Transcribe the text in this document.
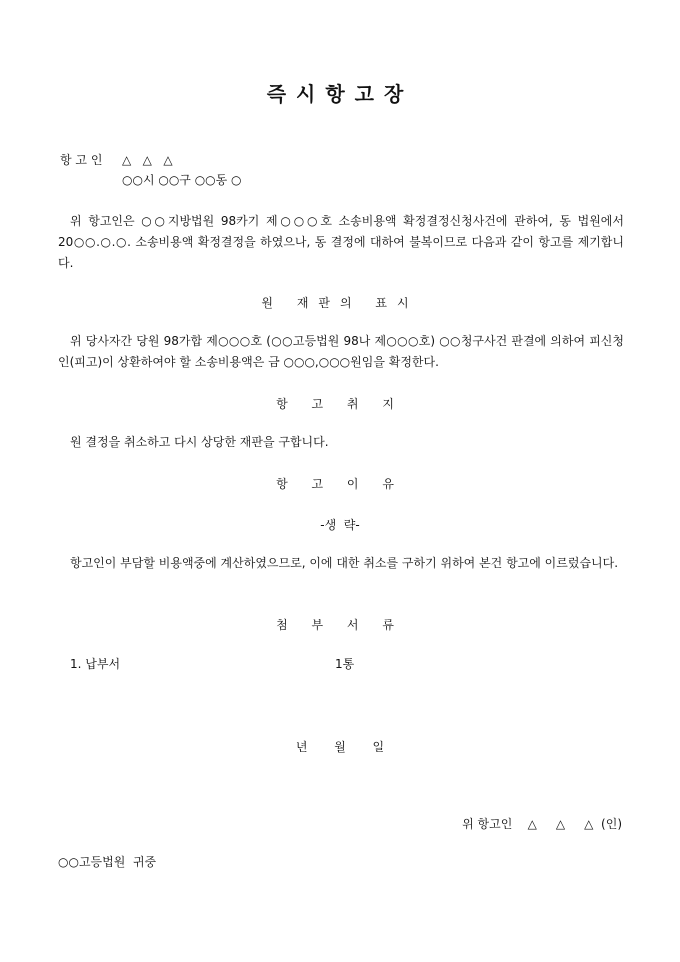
즉시항고장
항 고 인 △   △   △
○○시 ○○구 ○○동 ○
위 항고인은 ○○지방법원 98카기 제○○○호 소송비용액 확정결정신청사건에 관하여, 동 법원에서 20○○.○.○. 소송비용액 확정결정을 하였으나, 동 결정에 대하여 불복이므로 다음과 같이 항고를 제기합니다.
원 재판의 표시
위 당사자간 당원 98가합 제○○○호 (○○고등법원 98나 제○○○호) ○○청구사건 판결에 의하여 피신청인(피고)이 상환하여야 할 소송비용액은 금 ○○○,○○○원임을 확정한다.
항 고 취 지
원 결정을 취소하고 다시 상당한 재판을 구합니다.
항 고 이 유
-생  략-
항고인이 부담할 비용액중에 계산하였으므로, 이에 대한 취소를 구하기 위하여 본건 항고에 이르렀습니다.
첨 부 서 류
1. 납부서	1통
년       월       일
위 항고인    △     △     △  (인)
○○고등법원  귀중
